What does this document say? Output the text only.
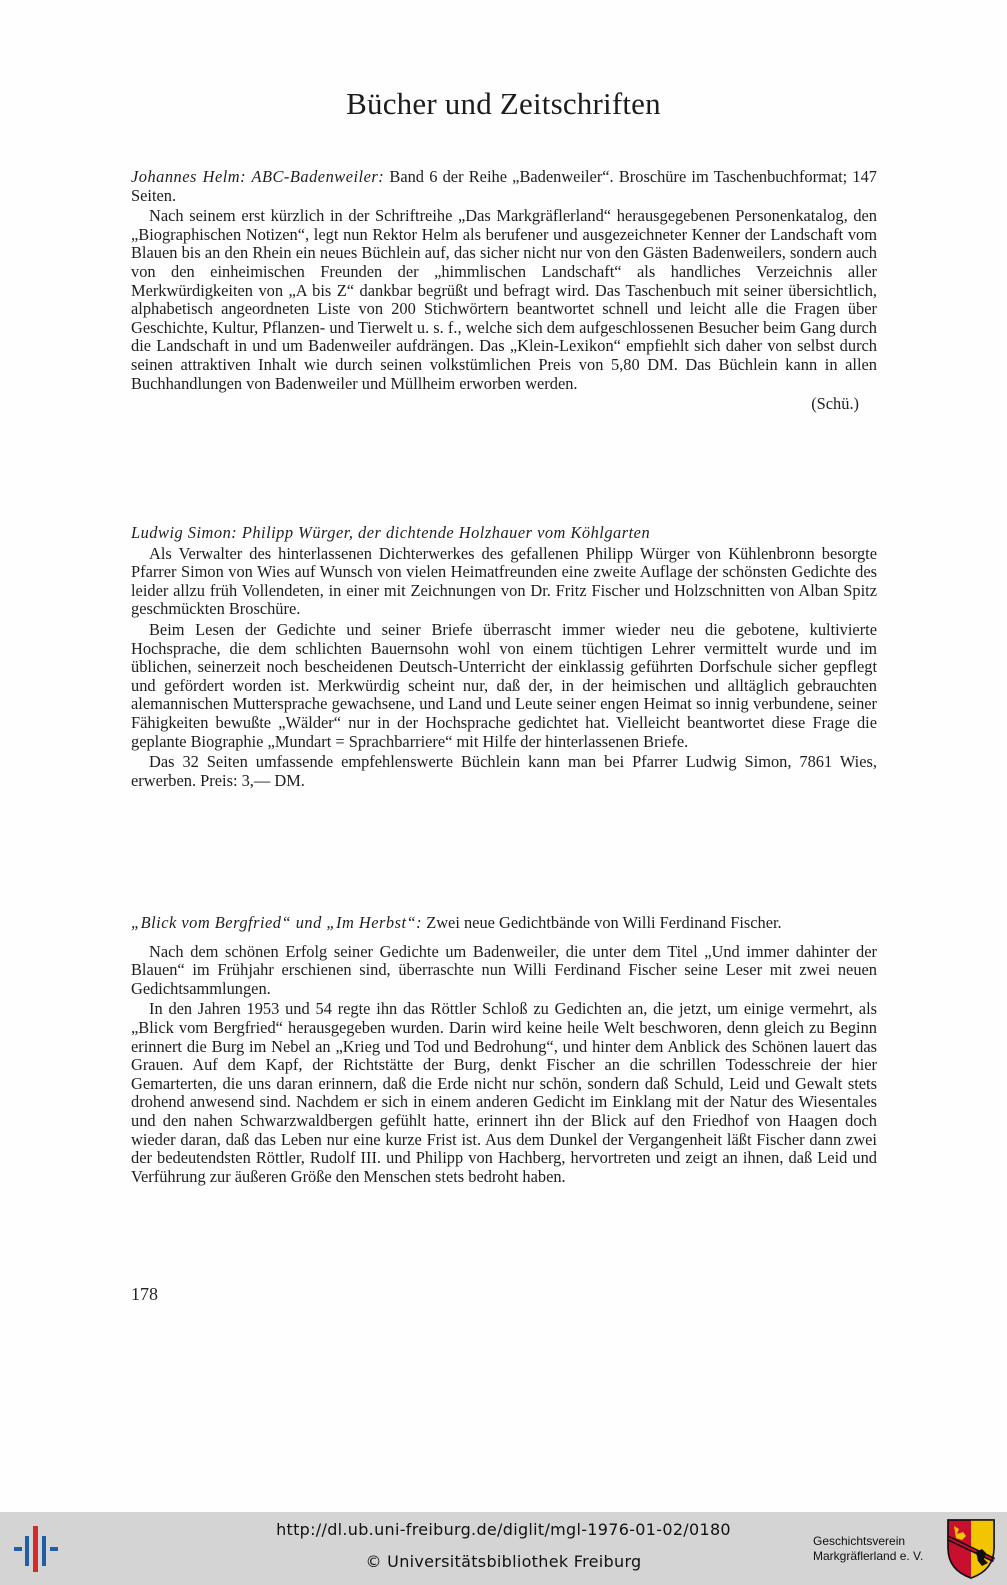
Bücher und Zeitschriften

Johannes Helm: ABC-Badenweiler: Band 6 der Reihe „Badenweiler“. Broschüre im Taschenbuchformat; 147 Seiten.

Nach seinem erst kürzlich in der Schriftreihe „Das Markgräflerland“ herausgegebenen Personenkatalog, den „Biographischen Notizen“, legt nun Rektor Helm als berufener und ausgezeichneter Kenner der Landschaft vom Blauen bis an den Rhein ein neues Büchlein auf, das sicher nicht nur von den Gästen Badenweilers, sondern auch von den einheimischen Freunden der „himmlischen Landschaft“ als handliches Verzeichnis aller Merkwürdigkeiten von „A bis Z“ dankbar begrüßt und befragt wird. Das Taschenbuch mit seiner übersichtlich, alphabetisch angeordneten Liste von 200 Stichwörtern beantwortet schnell und leicht alle die Fragen über Geschichte, Kultur, Pflanzen- und Tierwelt u. s. f., welche sich dem aufgeschlossenen Besucher beim Gang durch die Landschaft in und um Badenweiler aufdrängen. Das „Klein-Lexikon“ empfiehlt sich daher von selbst durch seinen attraktiven Inhalt wie durch seinen volkstümlichen Preis von 5,80 DM. Das Büchlein kann in allen Buchhandlungen von Badenweiler und Müllheim erworben werden.

(Schü.)

Ludwig Simon: Philipp Würger, der dichtende Holzhauer vom Köhlgarten

Als Verwalter des hinterlassenen Dichterwerkes des gefallenen Philipp Würger von Kühlenbronn besorgte Pfarrer Simon von Wies auf Wunsch von vielen Heimatfreunden eine zweite Auflage der schönsten Gedichte des leider allzu früh Vollendeten, in einer mit Zeichnungen von Dr. Fritz Fischer und Holzschnitten von Alban Spitz geschmückten Broschüre.

Beim Lesen der Gedichte und seiner Briefe überrascht immer wieder neu die gebotene, kultivierte Hochsprache, die dem schlichten Bauernsohn wohl von einem tüchtigen Lehrer vermittelt wurde und im üblichen, seinerzeit noch bescheidenen Deutsch-Unterricht der einklassig geführten Dorfschule sicher gepflegt und gefördert worden ist. Merkwürdig scheint nur, daß der, in der heimischen und alltäglich gebrauchten alemannischen Muttersprache gewachsene, und Land und Leute seiner engen Heimat so innig verbundene, seiner Fähigkeiten bewußte „Wälder“ nur in der Hochsprache gedichtet hat. Vielleicht beantwortet diese Frage die geplante Biographie „Mundart = Sprachbarriere“ mit Hilfe der hinterlassenen Briefe.

Das 32 Seiten umfassende empfehlenswerte Büchlein kann man bei Pfarrer Ludwig Simon, 7861 Wies, erwerben. Preis: 3,— DM.

„Blick vom Bergfried“ und „Im Herbst“: Zwei neue Gedichtbände von Willi Ferdinand Fischer.

Nach dem schönen Erfolg seiner Gedichte um Badenweiler, die unter dem Titel „Und immer dahinter der Blauen“ im Frühjahr erschienen sind, überraschte nun Willi Ferdinand Fischer seine Leser mit zwei neuen Gedichtsammlungen.

In den Jahren 1953 und 54 regte ihn das Röttler Schloß zu Gedichten an, die jetzt, um einige vermehrt, als „Blick vom Bergfried“ herausgegeben wurden. Darin wird keine heile Welt beschworen, denn gleich zu Beginn erinnert die Burg im Nebel an „Krieg und Tod und Bedrohung“, und hinter dem Anblick des Schönen lauert das Grauen. Auf dem Kapf, der Richtstätte der Burg, denkt Fischer an die schrillen Todesschreie der hier Gemarterten, die uns daran erinnern, daß die Erde nicht nur schön, sondern daß Schuld, Leid und Gewalt stets drohend anwesend sind. Nachdem er sich in einem anderen Gedicht im Einklang mit der Natur des Wiesentales und den nahen Schwarzwaldbergen gefühlt hatte, erinnert ihn der Blick auf den Friedhof von Haagen doch wieder daran, daß das Leben nur eine kurze Frist ist. Aus dem Dunkel der Vergangenheit läßt Fischer dann zwei der bedeutendsten Röttler, Rudolf III. und Philipp von Hachberg, hervortreten und zeigt an ihnen, daß Leid und Verführung zur äußeren Größe den Menschen stets bedroht haben.

178
http://dl.ub.uni-freiburg.de/diglit/mgl-1976-01-02/0180
© Universitätsbibliothek Freiburg
Geschichtsverein
Markgräflerland e. V.
